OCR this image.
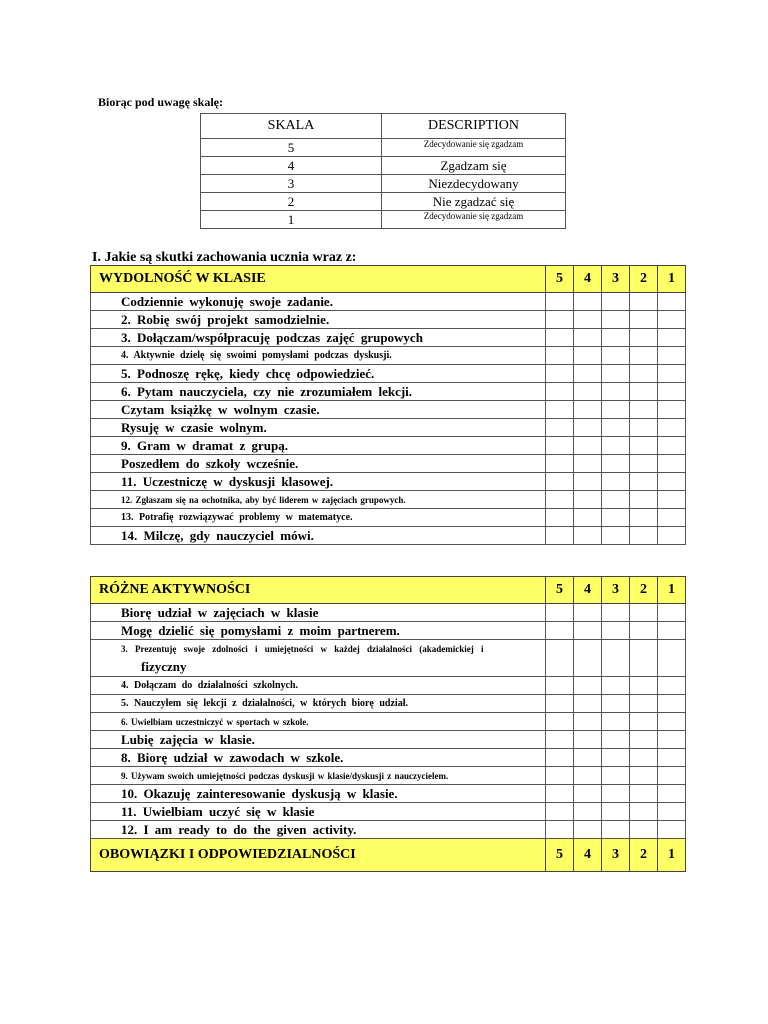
Biorąc pod uwagę skalę:
SKALA	DESCRIPTION
5	Zdecydowanie się zgadzam
4	Zgadzam się
3	Niezdecydowany
2	Nie zgadzać się
1	Zdecydowanie się zgadzam
I. Jakie są skutki zachowania ucznia wraz z:
WYDOLNOŚĆ W KLASIE	5	4	3	2	1
Codziennie wykonuję swoje zadanie.					
2. Robię swój projekt samodzielnie.					
3. Dołączam/współpracuję podczas zajęć grupowych					
4. Aktywnie dzielę się swoimi pomysłami podczas dyskusji.					
5. Podnoszę rękę, kiedy chcę odpowiedzieć.					
6. Pytam nauczyciela, czy nie zrozumiałem lekcji.					
Czytam książkę w wolnym czasie.					
Rysuję w czasie wolnym.					
9. Gram w dramat z grupą.					
Poszedłem do szkoły wcześnie.					
11. Uczestniczę w dyskusji klasowej.					
12. Zgłaszam się na ochotnika, aby być liderem w zajęciach grupowych.					
13. Potrafię rozwiązywać problemy w matematyce.					
14. Milczę, gdy nauczyciel mówi.					
RÓŻNE AKTYWNOŚCI	5	4	3	2	1
Biorę udział w zajęciach w klasie					
Mogę dzielić się pomysłami z moim partnerem.					

3. Prezentuję swoje zdolności i umiejętności w każdej działalności (akademickiej i
fizyczny					

4. Dołączam do działalności szkolnych.					
5. Nauczyłem się lekcji z działalności, w których biorę udział.					
6. Uwielbiam uczestniczyć w sportach w szkole.					
Lubię zajęcia w klasie.					
8. Biorę udział w zawodach w szkole.					
9. Używam swoich umiejętności podczas dyskusji w klasie/dyskusji z nauczycielem.					
10. Okazuję zainteresowanie dyskusją w klasie.					
11. Uwielbiam uczyć się w klasie					
12. I am ready to do the given activity.					
OBOWIĄZKI I ODPOWIEDZIALNOŚCI	5	4	3	2	1
